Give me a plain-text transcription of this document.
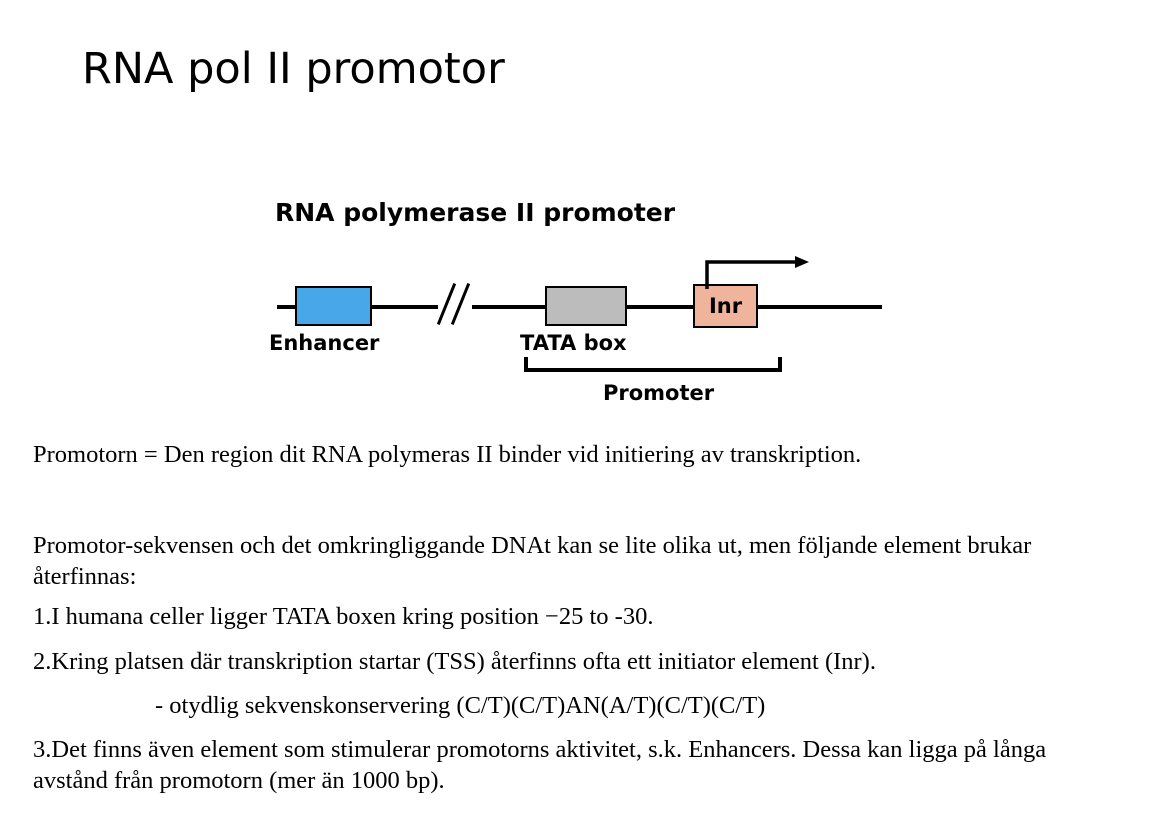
RNA pol II promotor
RNA polymerase II promoter
Inr
Enhancer	TATA box
Promoter

Promotorn = Den region dit RNA polymeras II binder vid initiering av transkription.

Promotor-sekvensen och det omkringliggande DNAt kan se lite olika ut, men följande element brukar återfinnas:

1.I humana celler ligger TATA boxen kring position −25 to -30.

2.Kring platsen där transkription startar (TSS) återfinns ofta ett initiator element (Inr).

- otydlig sekvenskonservering (C/T)(C/T)AN(A/T)(C/T)(C/T)

3.Det finns även element som stimulerar promotorns aktivitet, s.k. Enhancers. Dessa kan ligga på långa avstånd från promotorn (mer än 1000 bp).
